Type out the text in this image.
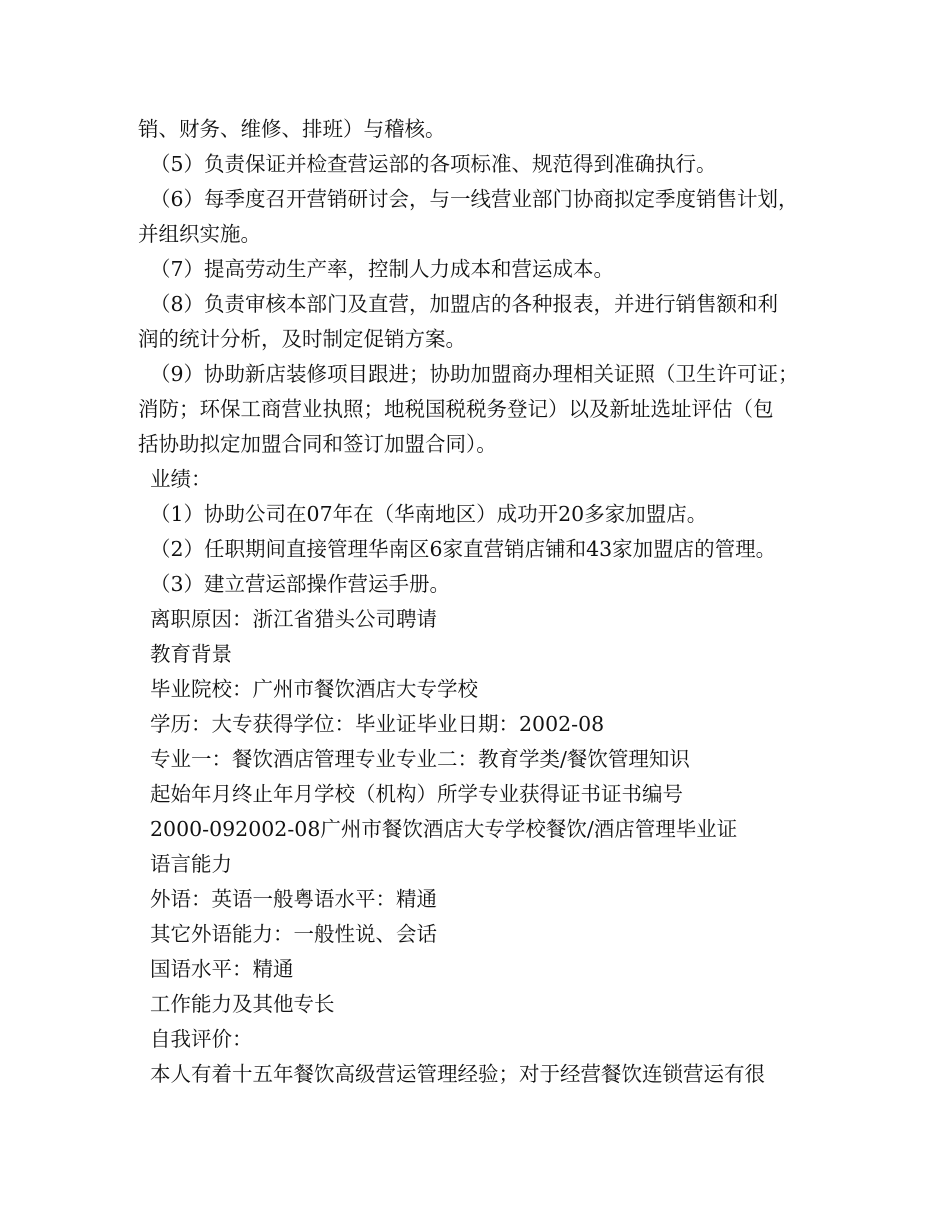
销、财务、维修、排班）与稽核。
（5）负责保证并检查营运部的各项标准、规范得到准确执行。
（6）每季度召开营销研讨会，与一线营业部门协商拟定季度销售计划，
并组织实施。
（7）提高劳动生产率，控制人力成本和营运成本。
（8）负责审核本部门及直营，加盟店的各种报表，并进行销售额和利
润的统计分析，及时制定促销方案。
（9）协助新店装修项目跟进；协助加盟商办理相关证照（卫生许可证；
消防；环保工商营业执照；地税国税税务登记）以及新址选址评估（包
括协助拟定加盟合同和签订加盟合同）。
业绩：
（1）协助公司在07年在（华南地区）成功开20多家加盟店。
（2）任职期间直接管理华南区6家直营销店铺和43家加盟店的管理。
（3）建立营运部操作营运手册。
离职原因：浙江省猎头公司聘请
教育背景
毕业院校：广州市餐饮酒店大专学校
学历：大专获得学位：毕业证毕业日期：2002-08
专业一：餐饮酒店管理专业专业二：教育学类/餐饮管理知识
起始年月终止年月学校（机构）所学专业获得证书证书编号
2000-092002-08广州市餐饮酒店大专学校餐饮/酒店管理毕业证
语言能力
外语：英语一般粤语水平：精通
其它外语能力：一般性说、会话
国语水平：精通
工作能力及其他专长
自我评价：
本人有着十五年餐饮高级营运管理经验；对于经营餐饮连锁营运有很
